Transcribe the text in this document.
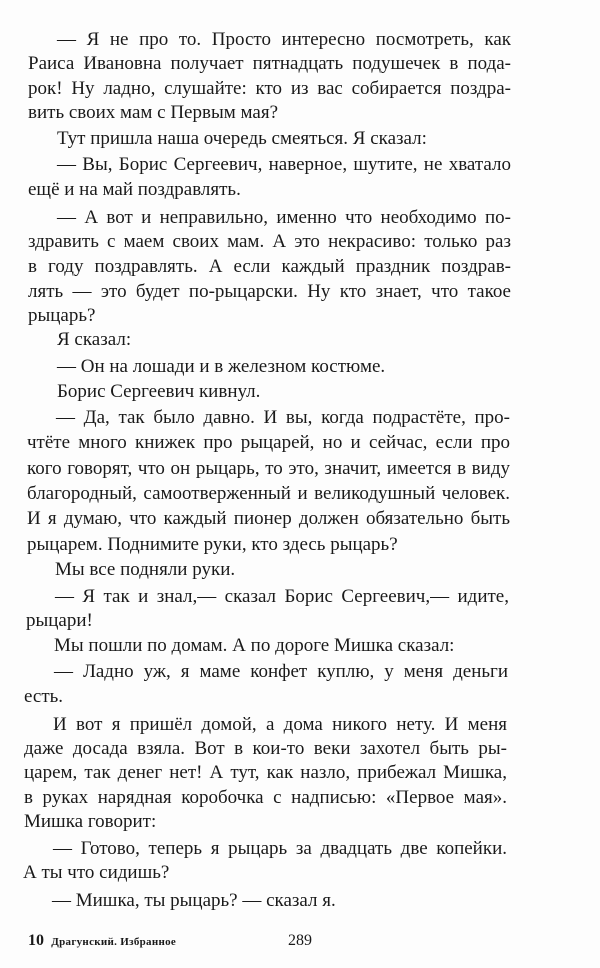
— Я не про то. Просто интересно посмотреть, как
Раиса Ивановна получает пятнадцать подушечек в пода-
рок! Ну ладно, слушайте: кто из вас собирается поздра-
вить своих мам с Первым мая?
Тут пришла наша очередь смеяться. Я сказал:
— Вы, Борис Сергеевич, наверное, шутите, не хватало
ещё и на май поздравлять.
— А вот и неправильно, именно что необходимо по-
здравить с маем своих мам. А это некрасиво: только раз
в году поздравлять. А если каждый праздник поздрав-
лять — это будет по-рыцарски. Ну кто знает, что такое
рыцарь?
Я сказал:
— Он на лошади и в железном костюме.
Борис Сергеевич кивнул.
— Да, так было давно. И вы, когда подрастёте, про-
чтёте много книжек про рыцарей, но и сейчас, если про
кого говорят, что он рыцарь, то это, значит, имеется в виду
благородный, самоотверженный и великодушный человек.
И я думаю, что каждый пионер должен обязательно быть
рыцарем. Поднимите руки, кто здесь рыцарь?
Мы все подняли руки.
— Я так и знал,— сказал Борис Сергеевич,— идите,
рыцари!
Мы пошли по домам. А по дороге Мишка сказал:
— Ладно уж, я маме конфет куплю, у меня деньги
есть.
И вот я пришёл домой, а дома никого нету. И меня
даже досада взяла. Вот в кои-то веки захотел быть ры-
царем, так денег нет! А тут, как назло, прибежал Мишка,
в руках нарядная коробочка с надписью: «Первое мая».
Мишка говорит:
— Готово, теперь я рыцарь за двадцать две копейки.
А ты что сидишь?
— Мишка, ты рыцарь? — сказал я.
10 Драгунский. Избранное	289
